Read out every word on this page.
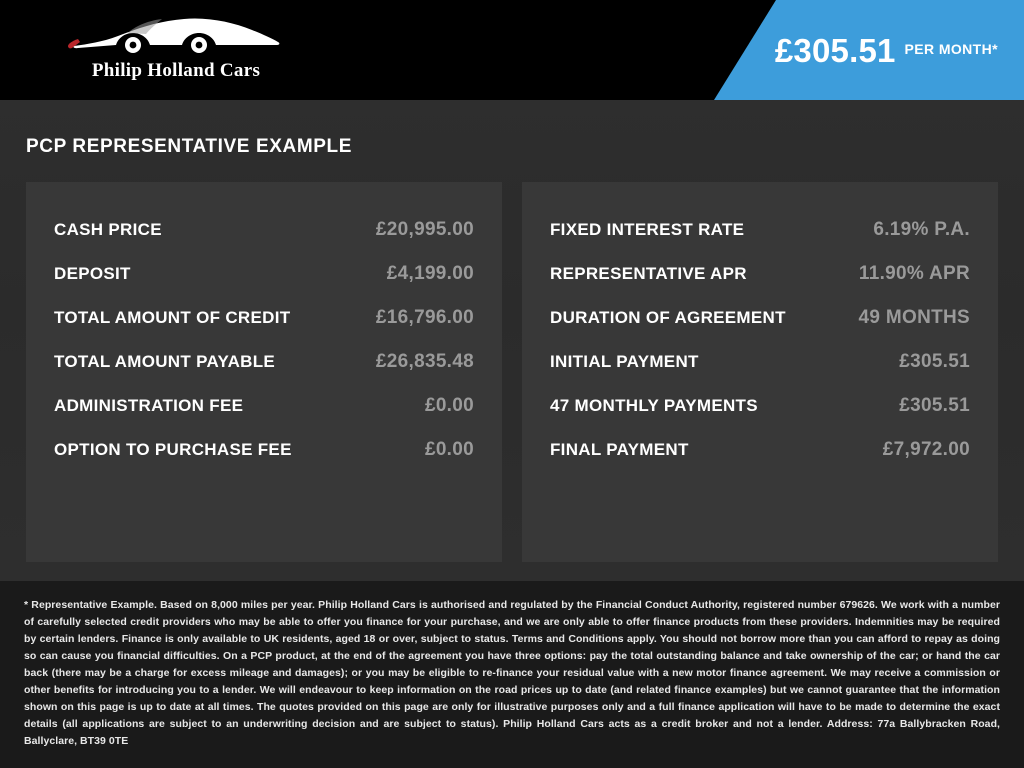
Philip Holland Cars
£305.51 PER MONTH*
PCP REPRESENTATIVE EXAMPLE
CASH PRICE	£20,995.00
DEPOSIT	£4,199.00
TOTAL AMOUNT OF CREDIT	£16,796.00
TOTAL AMOUNT PAYABLE	£26,835.48
ADMINISTRATION FEE	£0.00
OPTION TO PURCHASE FEE	£0.00
FIXED INTEREST RATE	6.19% P.A.
REPRESENTATIVE APR	11.90% APR
DURATION OF AGREEMENT	49 MONTHS
INITIAL PAYMENT	£305.51
47 MONTHLY PAYMENTS	£305.51
FINAL PAYMENT	£7,972.00

* Representative Example. Based on 8,000 miles per year. Philip Holland Cars is authorised and regulated by the Financial Conduct Authority, registered number 679626. We work with a number of carefully selected credit providers who may be able to offer you finance for your purchase, and we are only able to offer finance products from these providers. Indemnities may be required by certain lenders. Finance is only available to UK residents, aged 18 or over, subject to status. Terms and Conditions apply. You should not borrow more than you can afford to repay as doing so can cause you financial difficulties. On a PCP product, at the end of the agreement you have three options: pay the total outstanding balance and take ownership of the car; or hand the car back (there may be a charge for excess mileage and damages); or you may be eligible to re-finance your residual value with a new motor finance agreement. We may receive a commission or other benefits for introducing you to a lender. We will endeavour to keep information on the road prices up to date (and related finance examples) but we cannot guarantee that the information shown on this page is up to date at all times. The quotes provided on this page are only for illustrative purposes only and a full finance application will have to be made to determine the exact details (all applications are subject to an underwriting decision and are subject to status). Philip Holland Cars acts as a credit broker and not a lender. Address: 77a Ballybracken Road, Ballyclare, BT39 0TE
